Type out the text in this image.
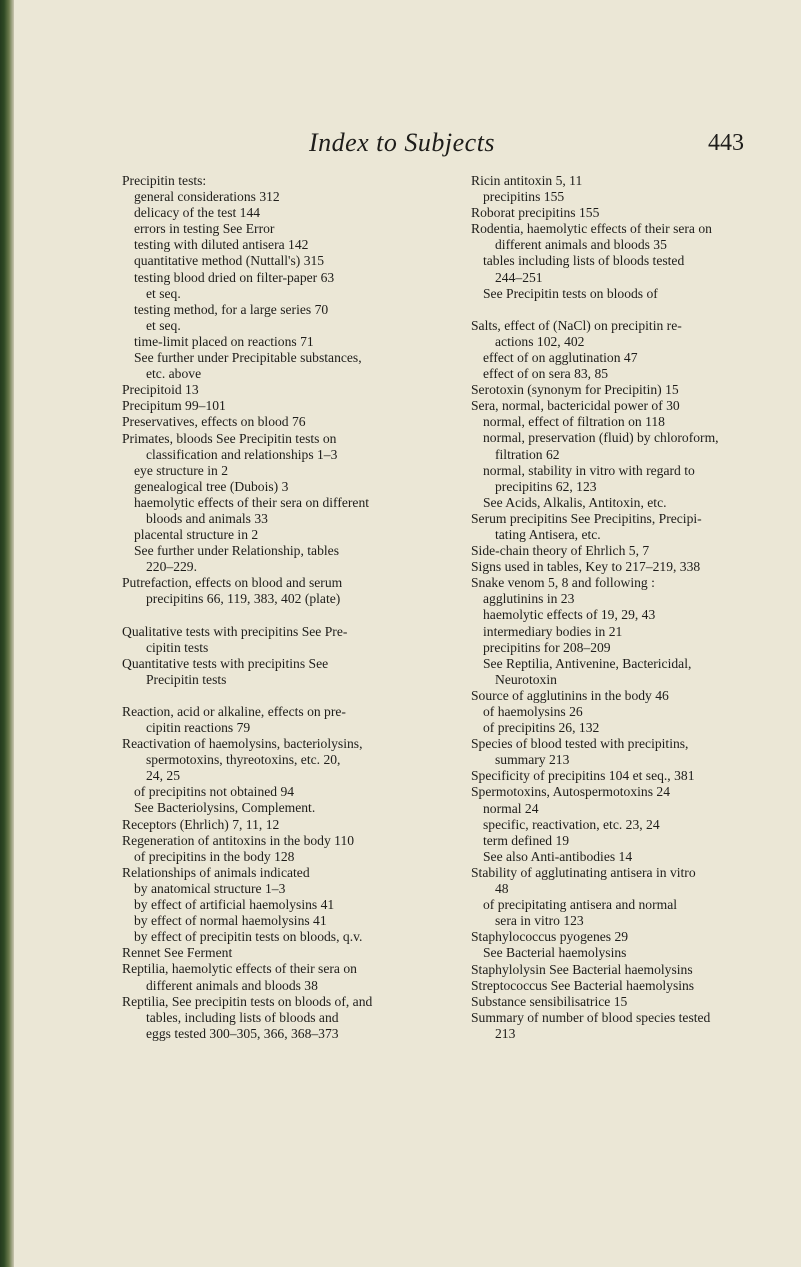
Index to Subjects	443
Precipitin tests:
general considerations 312
delicacy of the test 144
errors in testing See Error
testing with diluted antisera 142
quantitative method (Nuttall's) 315
testing blood dried on filter-paper 63
et seq.
testing method, for a large series 70
et seq.
time-limit placed on reactions 71
See further under Precipitable substances,
etc. above
Precipitoid 13
Precipitum 99–101
Preservatives, effects on blood 76
Primates, bloods See Precipitin tests on
classification and relationships 1–3
eye structure in 2
genealogical tree (Dubois) 3
haemolytic effects of their sera on different
bloods and animals 33
placental structure in 2
See further under Relationship, tables
220–229.
Putrefaction, effects on blood and serum
precipitins 66, 119, 383, 402 (plate)
Qualitative tests with precipitins See Pre-
cipitin tests
Quantitative tests with precipitins See
Precipitin tests
Reaction, acid or alkaline, effects on pre-
cipitin reactions 79
Reactivation of haemolysins, bacteriolysins,
spermotoxins, thyreotoxins, etc. 20,
24, 25
of precipitins not obtained 94
See Bacteriolysins, Complement.
Receptors (Ehrlich) 7, 11, 12
Regeneration of antitoxins in the body 110
of precipitins in the body 128
Relationships of animals indicated
by anatomical structure 1–3
by effect of artificial haemolysins 41
by effect of normal haemolysins 41
by effect of precipitin tests on bloods, q.v.
Rennet See Ferment
Reptilia, haemolytic effects of their sera on
different animals and bloods 38
Reptilia, See precipitin tests on bloods of, and
tables, including lists of bloods and
eggs tested 300–305, 366, 368–373
Ricin antitoxin 5, 11
precipitins 155
Roborat precipitins 155
Rodentia, haemolytic effects of their sera on
different animals and bloods 35
tables including lists of bloods tested
244–251
See Precipitin tests on bloods of
Salts, effect of (NaCl) on precipitin re-
actions 102, 402
effect of on agglutination 47
effect of on sera 83, 85
Serotoxin (synonym for Precipitin) 15
Sera, normal, bactericidal power of 30
normal, effect of filtration on 118
normal, preservation (fluid) by chloroform,
filtration 62
normal, stability in vitro with regard to
precipitins 62, 123
See Acids, Alkalis, Antitoxin, etc.
Serum precipitins See Precipitins, Precipi-
tating Antisera, etc.
Side-chain theory of Ehrlich 5, 7
Signs used in tables, Key to 217–219, 338
Snake venom 5, 8 and following :
agglutinins in 23
haemolytic effects of 19, 29, 43
intermediary bodies in 21
precipitins for 208–209
See Reptilia, Antivenine, Bactericidal,
Neurotoxin
Source of agglutinins in the body 46
of haemolysins 26
of precipitins 26, 132
Species of blood tested with precipitins,
summary 213
Specificity of precipitins 104 et seq., 381
Spermotoxins, Autospermotoxins 24
normal 24
specific, reactivation, etc. 23, 24
term defined 19
See also Anti-antibodies 14
Stability of agglutinating antisera in vitro
48
of precipitating antisera and normal
sera in vitro 123
Staphylococcus pyogenes 29
See Bacterial haemolysins
Staphylolysin See Bacterial haemolysins
Streptococcus See Bacterial haemolysins
Substance sensibilisatrice 15
Summary of number of blood species tested
213
